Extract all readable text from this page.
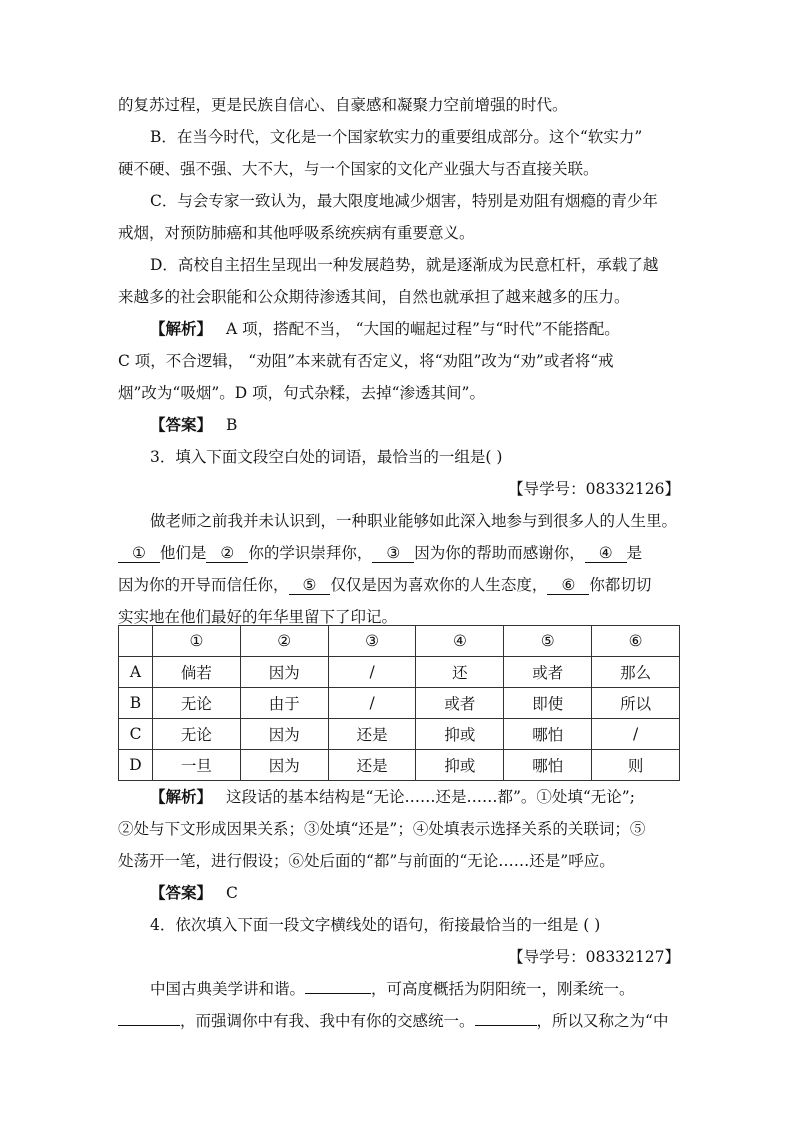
的复苏过程，更是民族自信心、自豪感和凝聚力空前增强的时代。
B．在当今时代，文化是一个国家软实力的重要组成部分。这个“软实力”
硬不硬、强不强、大不大，与一个国家的文化产业强大与否直接关联。
C．与会专家一致认为，最大限度地减少烟害，特别是劝阻有烟瘾的青少年
戒烟，对预防肺癌和其他呼吸系统疾病有重要意义。
D．高校自主招生呈现出一种发展趋势，就是逐渐成为民意杠杆，承载了越
来越多的社会职能和公众期待渗透其间，自然也就承担了越来越多的压力。
【解析】 A 项，搭配不当， “大国的崛起过程”与“时代”不能搭配。
C 项，不合逻辑， “劝阻”本来就有否定义，将“劝阻”改为“劝”或者将“戒
烟”改为“吸烟”。D 项，句式杂糅，去掉“渗透其间”。
【答案】 B
3．填入下面文段空白处的词语，最恰当的一组是( )
【导学号：08332126】
做老师之前我并未认识到，一种职业能够如此深入地参与到很多人的人生里。
① 他们是 ② 你的学识崇拜你， ③ 因为你的帮助而感谢你， ④ 是
因为你的开导而信任你， ⑤ 仅仅是因为喜欢你的人生态度， ⑥ 你都切切
实实地在他们最好的年华里留下了印记。
	①	②	③	④	⑤	⑥
A	倘若	因为	/	还	或者	那么
B	无论	由于	/	或者	即使	所以
C	无论	因为	还是	抑或	哪怕	/
D	一旦	因为	还是	抑或	哪怕	则
【解析】 这段话的基本结构是“无论……还是……都”。①处填“无论”;
②处与下文形成因果关系；③处填“还是”；④处填表示选择关系的关联词；⑤
处荡开一笔，进行假设；⑥处后面的“都”与前面的“无论……还是”呼应。
【答案】 C
4．依次填入下面一段文字横线处的语句，衔接最恰当的一组是 ( )
【导学号：08332127】
中国古典美学讲和谐。	，可高度概括为阴阳统一，刚柔统一。
，而强调你中有我、我中有你的交感统一。	，所以又称之为“中
